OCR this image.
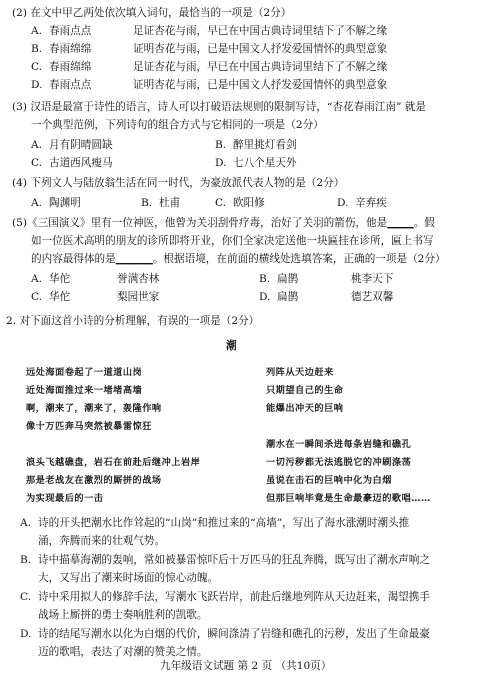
(2) 在文中甲乙两处依次填入词句，最恰当的一项是（2分）
A. 春雨点点	足证杏花与雨，早已在中国古典诗词里结下了不解之缘
B. 春雨绵绵	证明杏花与雨，已是中国文人抒发爱国情怀的典型意象
C. 春雨绵绵	足证杏花与雨，早已在中国古典诗词里结下了不解之缘
D. 春雨点点	证明杏花与雨，已是中国文人抒发爱国情怀的典型意象
(3) 汉语是最富于诗性的语言，诗人可以打破语法规则的限制写诗，“杏花春雨江南” 就是
一个典型范例，下列诗句的组合方式与它相同的一项是（2分）
A. 月有阴晴圆缺	B. 醉里挑灯看剑
C. 古道西风瘦马	D. 七八个星天外
(4) 下列文人与陆放翁生活在同一时代，为豪放派代表人物的是（2分）
A. 陶渊明	B. 杜甫	C. 欧阳修	D. 辛弃疾
(5)《三国演义》里有一位神医，他曾为关羽刮骨疗毒，治好了关羽的箭伤，他是_____。假
如一位医术高明的朋友的诊所即将开业，你们全家决定送他一块匾挂在诊所，匾上书写
的内容最得体的是_______。根据语境，在前面的横线处选填答案，正确的一项是（2分）
A. 华佗	誉满杏林	B. 扁鹊	桃李天下
C. 华佗	梨园世家	D. 扁鹊	德艺双馨
2. 对下面这首小诗的分析理解，有误的一项是（2分）
潮
远处海面卷起了一道道山岗
近处海面推过来一堵堵高墙
啊，潮来了，潮来了，轰隆作响
像十万匹奔马突然被暴雷惊狂
浪头飞越礁盘，岩石在前赴后继冲上岩岸
那是老战友在激烈的厮拼的战场
为实现最后的一击
列阵从天边赶来
只期望自己的生命
能爆出冲天的巨响
潮水在一瞬间杀进每条岩缝和礁孔
一切污秽都无法逃脱它的冲刷涤荡
虽说在击石的巨响中化为白烟
但那巨响毕竟是生命最豪迈的歌唱……
A. 诗的开头把潮水比作耸起的“山岗”和推过来的“高墙”，写出了海水涨潮时潮头推
涌，奔腾而来的壮观气势。
B. 诗中描摹海潮的轰响，常如被暴雷惊吓后十万匹马的狂乱奔腾，既写出了潮水声响之
大，又写出了潮来时场面的惊心动魄。
C. 诗中采用拟人的修辞手法，写潮水飞跃岩岸，前赴后继地列阵从天边赶来，渴望携手
战场上厮拼的勇士奏响胜利的凯歌。
D. 诗的结尾写潮水以化为白烟的代价，瞬间涤清了岩缝和礁孔的污秽，发出了生命最豪
迈的歌唱，表达了对潮的赞美之情。
九年级语文试题 第 2 页 （共10页）
